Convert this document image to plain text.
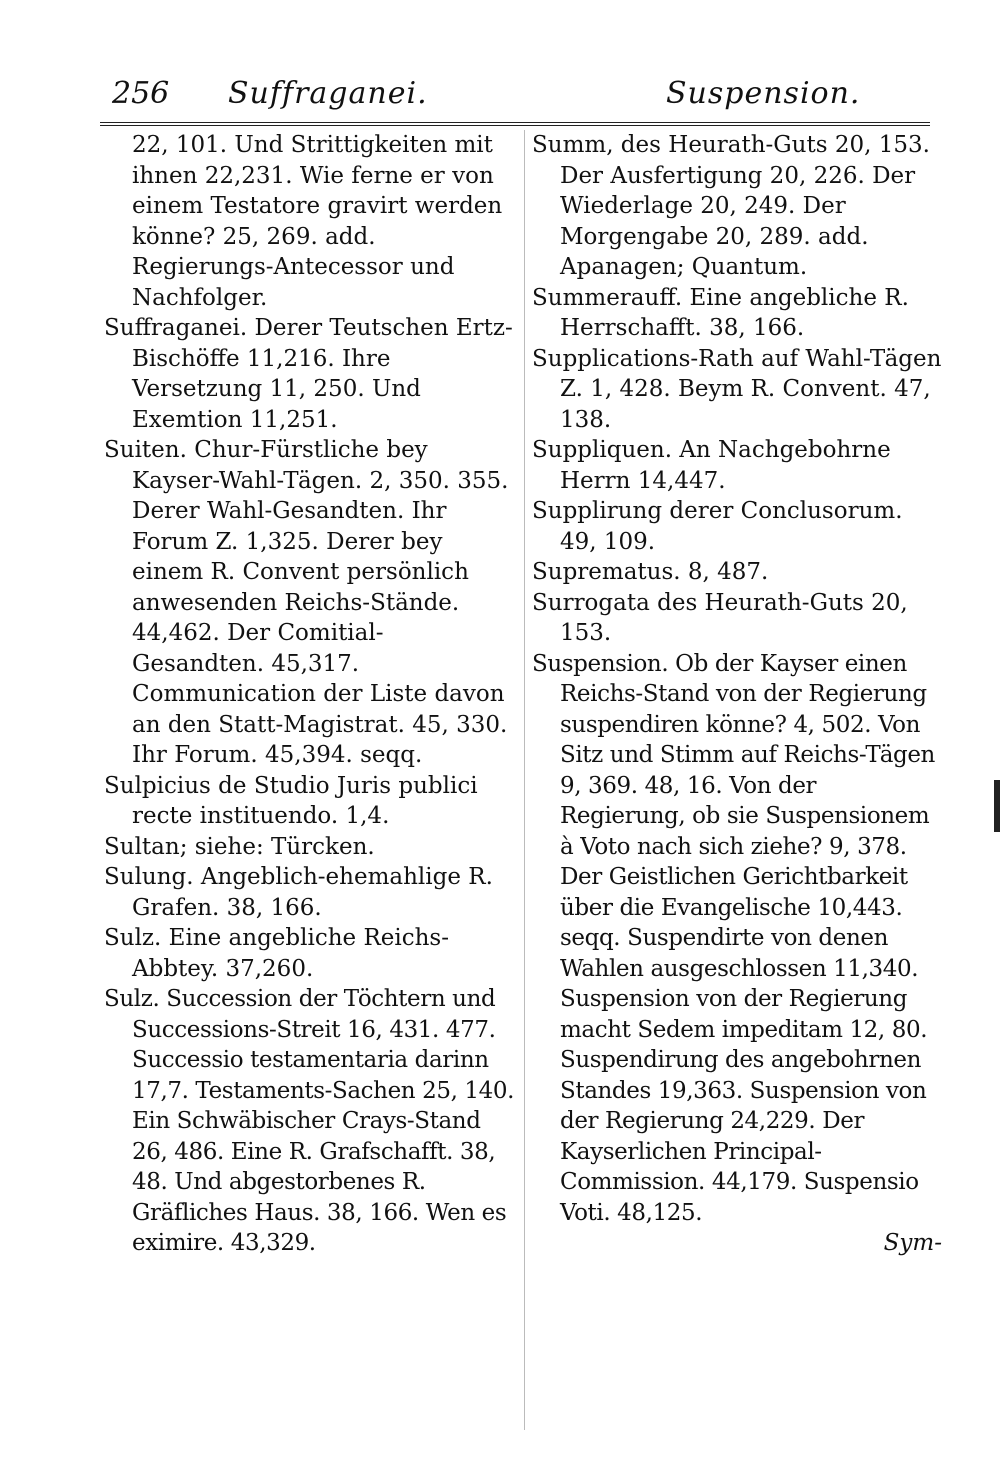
256 Suffraganei.	Suspension.

22, 101. Und Strittigkeiten mit ihnen 22,231. Wie ferne er von einem Testatore gravirt werden könne? 25, 269. add. Regierungs-Antecessor und Nachfolger.

Suffraganei. Derer Teutschen Ertz-Bischöffe 11,216. Ihre Versetzung 11, 250. Und Exemtion 11,251.

Suiten. Chur-Fürstliche bey Kayser-Wahl-Tägen. 2, 350. 355. Derer Wahl-Gesandten. Ihr Forum Z. 1,325. Derer bey einem R. Convent persönlich anwesenden Reichs-Stände. 44,462. Der Comitial-Gesandten. 45,317. Communication der Liste davon an den Statt-Magistrat. 45, 330. Ihr Forum. 45,394. seqq.

Sulpicius de Studio Juris publici recte instituendo. 1,4.

Sultan; siehe: Türcken.

Sulung. Angeblich-ehemahlige R. Grafen. 38, 166.

Sulz. Eine angebliche Reichs-Abbtey. 37,260.

Sulz. Succession der Töchtern und Successions-Streit 16, 431. 477. Successio testamentaria darinn 17,7. Testaments-Sachen 25, 140. Ein Schwäbischer Crays-Stand 26, 486. Eine R. Grafschafft. 38, 48. Und abgestorbenes R. Gräfliches Haus. 38, 166. Wen es eximire. 43,329.

Summ, des Heurath-Guts 20, 153. Der Ausfertigung 20, 226. Der Wiederlage 20, 249. Der Morgengabe 20, 289. add. Apanagen; Quantum.

Summerauff. Eine angebliche R. Herrschafft. 38, 166.

Supplications-Rath auf Wahl-Tägen Z. 1, 428. Beym R. Convent. 47, 138.

Suppliquen. An Nachgebohrne Herrn 14,447.

Supplirung derer Conclusorum. 49, 109.

Suprematus. 8, 487.

Surrogata des Heurath-Guts 20, 153.

Suspension. Ob der Kayser einen Reichs-Stand von der Regierung suspendiren könne? 4, 502. Von Sitz und Stimm auf Reichs-Tägen 9, 369. 48, 16. Von der Regierung, ob sie Suspensionem à Voto nach sich ziehe? 9, 378. Der Geistlichen Gerichtbarkeit über die Evangelische 10,443. seqq. Suspendirte von denen Wahlen ausgeschlossen 11,340. Suspension von der Regierung macht Sedem impeditam 12, 80. Suspendirung des angebohrnen Standes 19,363. Suspension von der Regierung 24,229. Der Kayserlichen Principal-Commission. 44,179. Suspensio Voti. 48,125.

Sym-
